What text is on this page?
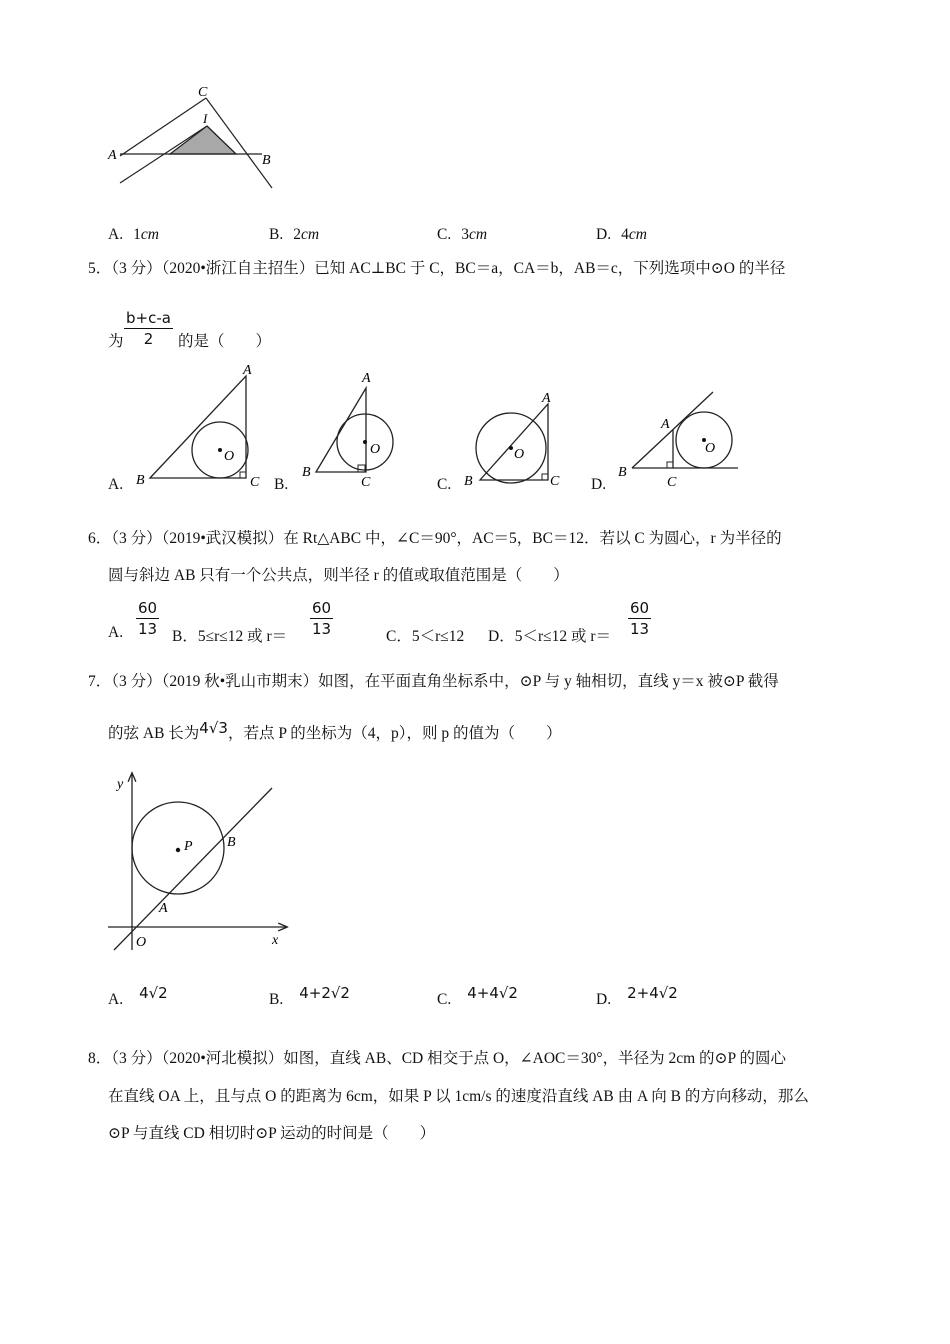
C
I
A	B
A. 1cm	B. 2cm	C. 3cm	D. 4cm
5．（3 分）（2020•浙江自主招生）已知 AC⊥BC 于 C，BC＝a，CA＝b，AB＝c，下列选项中⊙O 的半径
为 $\frac{b+c-a}{2}$ 的是（　　）
A.
A
B	C
O
B.
A
B
C
O
C.
A
B	C
O
D.
A
B
C
O
6．（3 分）（2019•武汉模拟）在 Rt△ABC 中，∠C＝90°，AC＝5，BC＝12．若以 C 为圆心，r 为半径的
圆与斜边 AB 只有一个公共点，则半径 r 的值或取值范围是（　　）
A. $\frac{60}{13}$ B．5≤r≤12 或 $r= \frac{60}{13}$	C．5＜r≤12 D．5＜r≤12 或 $r= \frac{60}{13}$
7．（3 分）（2019 秋•乳山市期末）如图，在平面直角坐标系中，⊙P 与 y 轴相切，直线 y＝x 被⊙P 截得
的弦 AB 长为4√3，若点 P 的坐标为（4，p），则 p 的值为（　　）
y
x
O
P
A
B
A. 4√2	B. 4+2√2	C. 4+4√2	D. 2+4√2
8．（3 分）（2020•河北模拟）如图，直线 AB、CD 相交于点 O，∠AOC＝30°，半径为 2cm 的⊙P 的圆心
在直线 OA 上，且与点 O 的距离为 6cm，如果 P 以 1cm/s 的速度沿直线 AB 由 A 向 B 的方向移动，那么
⊙P 与直线 CD 相切时⊙P 运动的时间是（　　）
